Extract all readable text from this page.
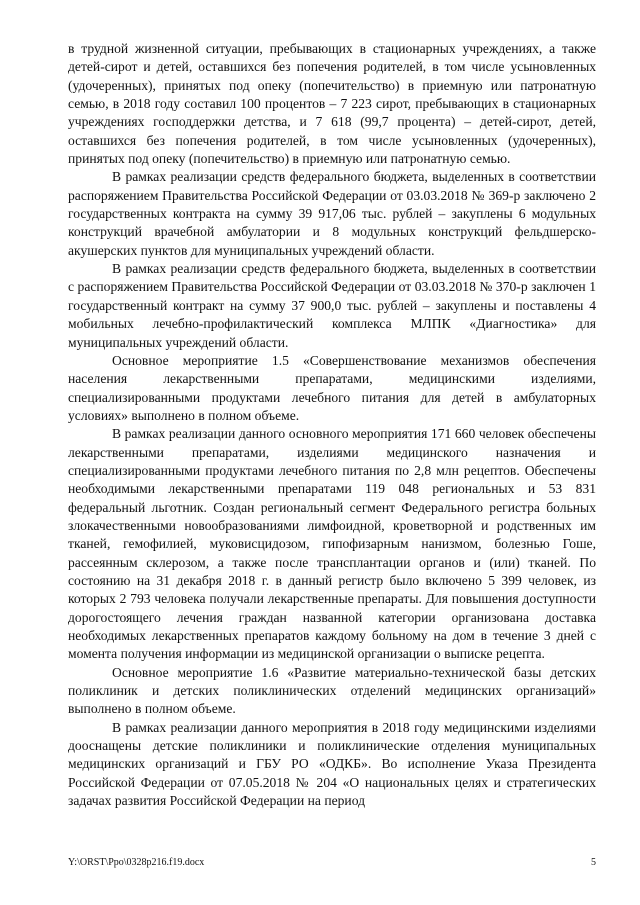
в трудной жизненной ситуации, пребывающих в стационарных учреждениях, а также детей-сирот и детей, оставшихся без попечения родителей, в том числе усыновленных (удочеренных), принятых под опеку (попечительство) в приемную или патронатную семью, в 2018 году составил 100 процентов – 7 223 сирот, пребывающих в стационарных учреждениях господдержки детства, и 7 618 (99,7 процента) – детей-сирот, детей, оставшихся без попечения родителей, в том числе усыновленных (удочеренных), принятых под опеку (попечительство) в приемную или патронатную семью.

В рамках реализации средств федерального бюджета, выделенных в соответствии распоряжением Правительства Российской Федерации от 03.03.2018 № 369-р заключено 2 государственных контракта на сумму 39 917,06 тыс. рублей – закуплены 6 модульных конструкций врачебной амбулатории и 8 модульных конструкций фельдшерско-акушерских пунктов для муниципальных учреждений области.

В рамках реализации средств федерального бюджета, выделенных в соответствии с распоряжением Правительства Российской Федерации от 03.03.2018 № 370-р заключен 1 государственный контракт на сумму 37 900,0 тыс. рублей – закуплены и поставлены 4 мобильных лечебно-профилактический комплекса МЛПК «Диагностика» для муниципальных учреждений области.

Основное мероприятие 1.5 «Совершенствование механизмов обеспечения населения лекарственными препаратами, медицинскими изделиями, специализированными продуктами лечебного питания для детей в амбулаторных условиях» выполнено в полном объеме.

В рамках реализации данного основного мероприятия 171 660 человек обеспечены лекарственными препаратами, изделиями медицинского назначения и специализированными продуктами лечебного питания по 2,8 млн рецептов. Обеспечены необходимыми лекарственными препаратами 119 048 региональных и 53 831 федеральный льготник. Создан региональный сегмент Федерального регистра больных злокачественными новообразованиями лимфоидной, кроветворной и родственных им тканей, гемофилией, муковисцидозом, гипофизарным нанизмом, болезнью Гоше, рассеянным склерозом, а также после трансплантации органов и (или) тканей. По состоянию на 31 декабря 2018 г. в данный регистр было включено 5 399 человек, из которых 2 793 человека получали лекарственные препараты. Для повышения доступности дорогостоящего лечения граждан названной категории организована доставка необходимых лекарственных препаратов каждому больному на дом в течение 3 дней с момента получения информации из медицинской организации о выписке рецепта.

Основное мероприятие 1.6 «Развитие материально-технической базы детских поликлиник и детских поликлинических отделений медицинских организаций» выполнено в полном объеме.

В рамках реализации данного мероприятия в 2018 году медицинскими изделиями дооснащены детские поликлиники и поликлинические отделения муниципальных медицинских организаций и ГБУ РО «ОДКБ». Во исполнение Указа Президента Российской Федерации от 07.05.2018 № 204 «О национальных целях и стратегических задачах развития Российской Федерации на период

Y:\ORST\Ppo\0328p216.f19.docx	5
